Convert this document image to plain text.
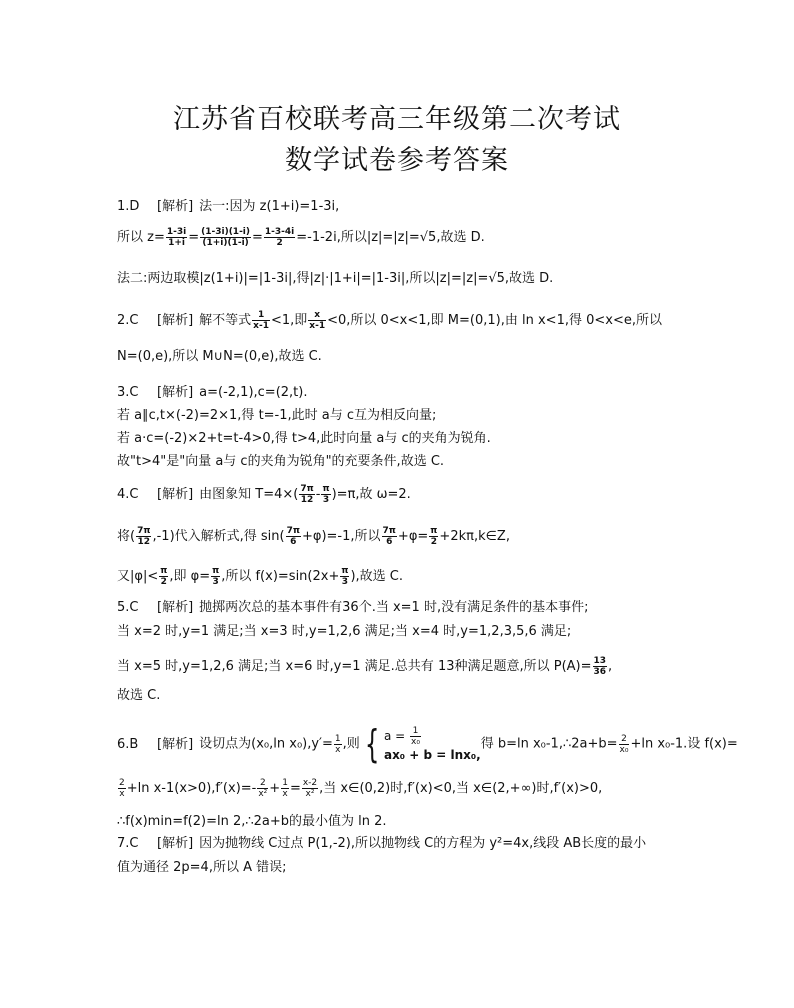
江苏省百校联考高三年级第二次考试
数学试卷参考答案
1.D [解析] 法一:因为 z(1+i)=1-3i,
所以 $z= \frac{1-3i}{1+i} = \frac{(1-3i)(1-i)}{(1+i)(1-i)} = \frac{1-3-4i}{2} =-1-2i$,所以|z|=|z|=√5,故选 D.
法二:两边取模|z(1+i)|=|1-3i|,得|z|·|1+i|=|1-3i|,所以|z|=|z|=√5,故选 D.
2.C [解析] 解不等式 $\frac{1}{x-1} <1$,即 $\frac{x}{x-1} <0$,所以 0<x<1,即 M=(0,1),由 ln x<1,得 0<x<e,所以
N=(0,e),所以 M∪N=(0,e),故选 C.
3.C [解析] a=(-2,1),c=(2,t).
若 a∥c,t×(-2)=2×1,得 t=-1,此时 a与 c互为相反向量;
若 a·c=(-2)×2+t=t-4>0,得 t>4,此时向量 a与 c的夹角为锐角.
故"t>4"是"向量 a与 c的夹角为锐角"的充要条件,故选 C.
4.C [解析] 由图象知 $T=4\times( \frac{7\pi}{12} - \frac{\pi}{3} )=\pi$,故 ω=2.
将( $\frac{7\pi}{12} ,-1$)代入解析式,得 $\sin( \frac{7\pi}{6} +\varphi)=-1$,所以 $\frac{7\pi}{6} +\varphi= \frac{\pi}{2}$ +2kπ,k∈Z,
又$|\varphi|< \frac{\pi}{2}$ ,即 $\varphi= \frac{\pi}{3}$ ,所以 $f(x)=\sin(2x+ \frac{\pi}{3}$ ),故选 C.
5.C [解析] 抛掷两次总的基本事件有36个.当 x=1 时,没有满足条件的基本事件;
当 x=2 时,y=1 满足;当 x=3 时,y=1,2,6 满足;当 x=4 时,y=1,2,3,5,6 满足;
当 x=5 时,y=1,2,6 满足;当 x=6 时,y=1 满足.总共有 13种满足题意,所以 $P(A)= \frac{13}{36}$ ,
故选 C.
6.B [解析] 设切点为(x₀,ln $x_0),y'= \frac{1}{x}$ ,则 { $a = \frac{1}{\text{x₀}}$
ax₀ + b = lnx₀,
得 b=ln x₀-1,∴2a+b= $\frac{2}{\text{x₀}} +\ln$ x₀-1.设 f(x)=
$\frac{2}{x} +\ln$ $x-1(x>0),f'(x)=- \frac{2}{\text{x²}} + \frac{1}{x} = \frac{x-2}{\text{x²}}$ ,当 x∈(0,2)时,f′(x)<0,当 x∈(2,+∞)时,f′(x)>0,
∴f(x)min=f(2)=ln 2,∴2a+b的最小值为 ln 2.
7.C [解析] 因为抛物线 C过点 P(1,-2),所以抛物线 C的方程为 y²=4x,线段 AB长度的最小
值为通径 2p=4,所以 A 错误;
